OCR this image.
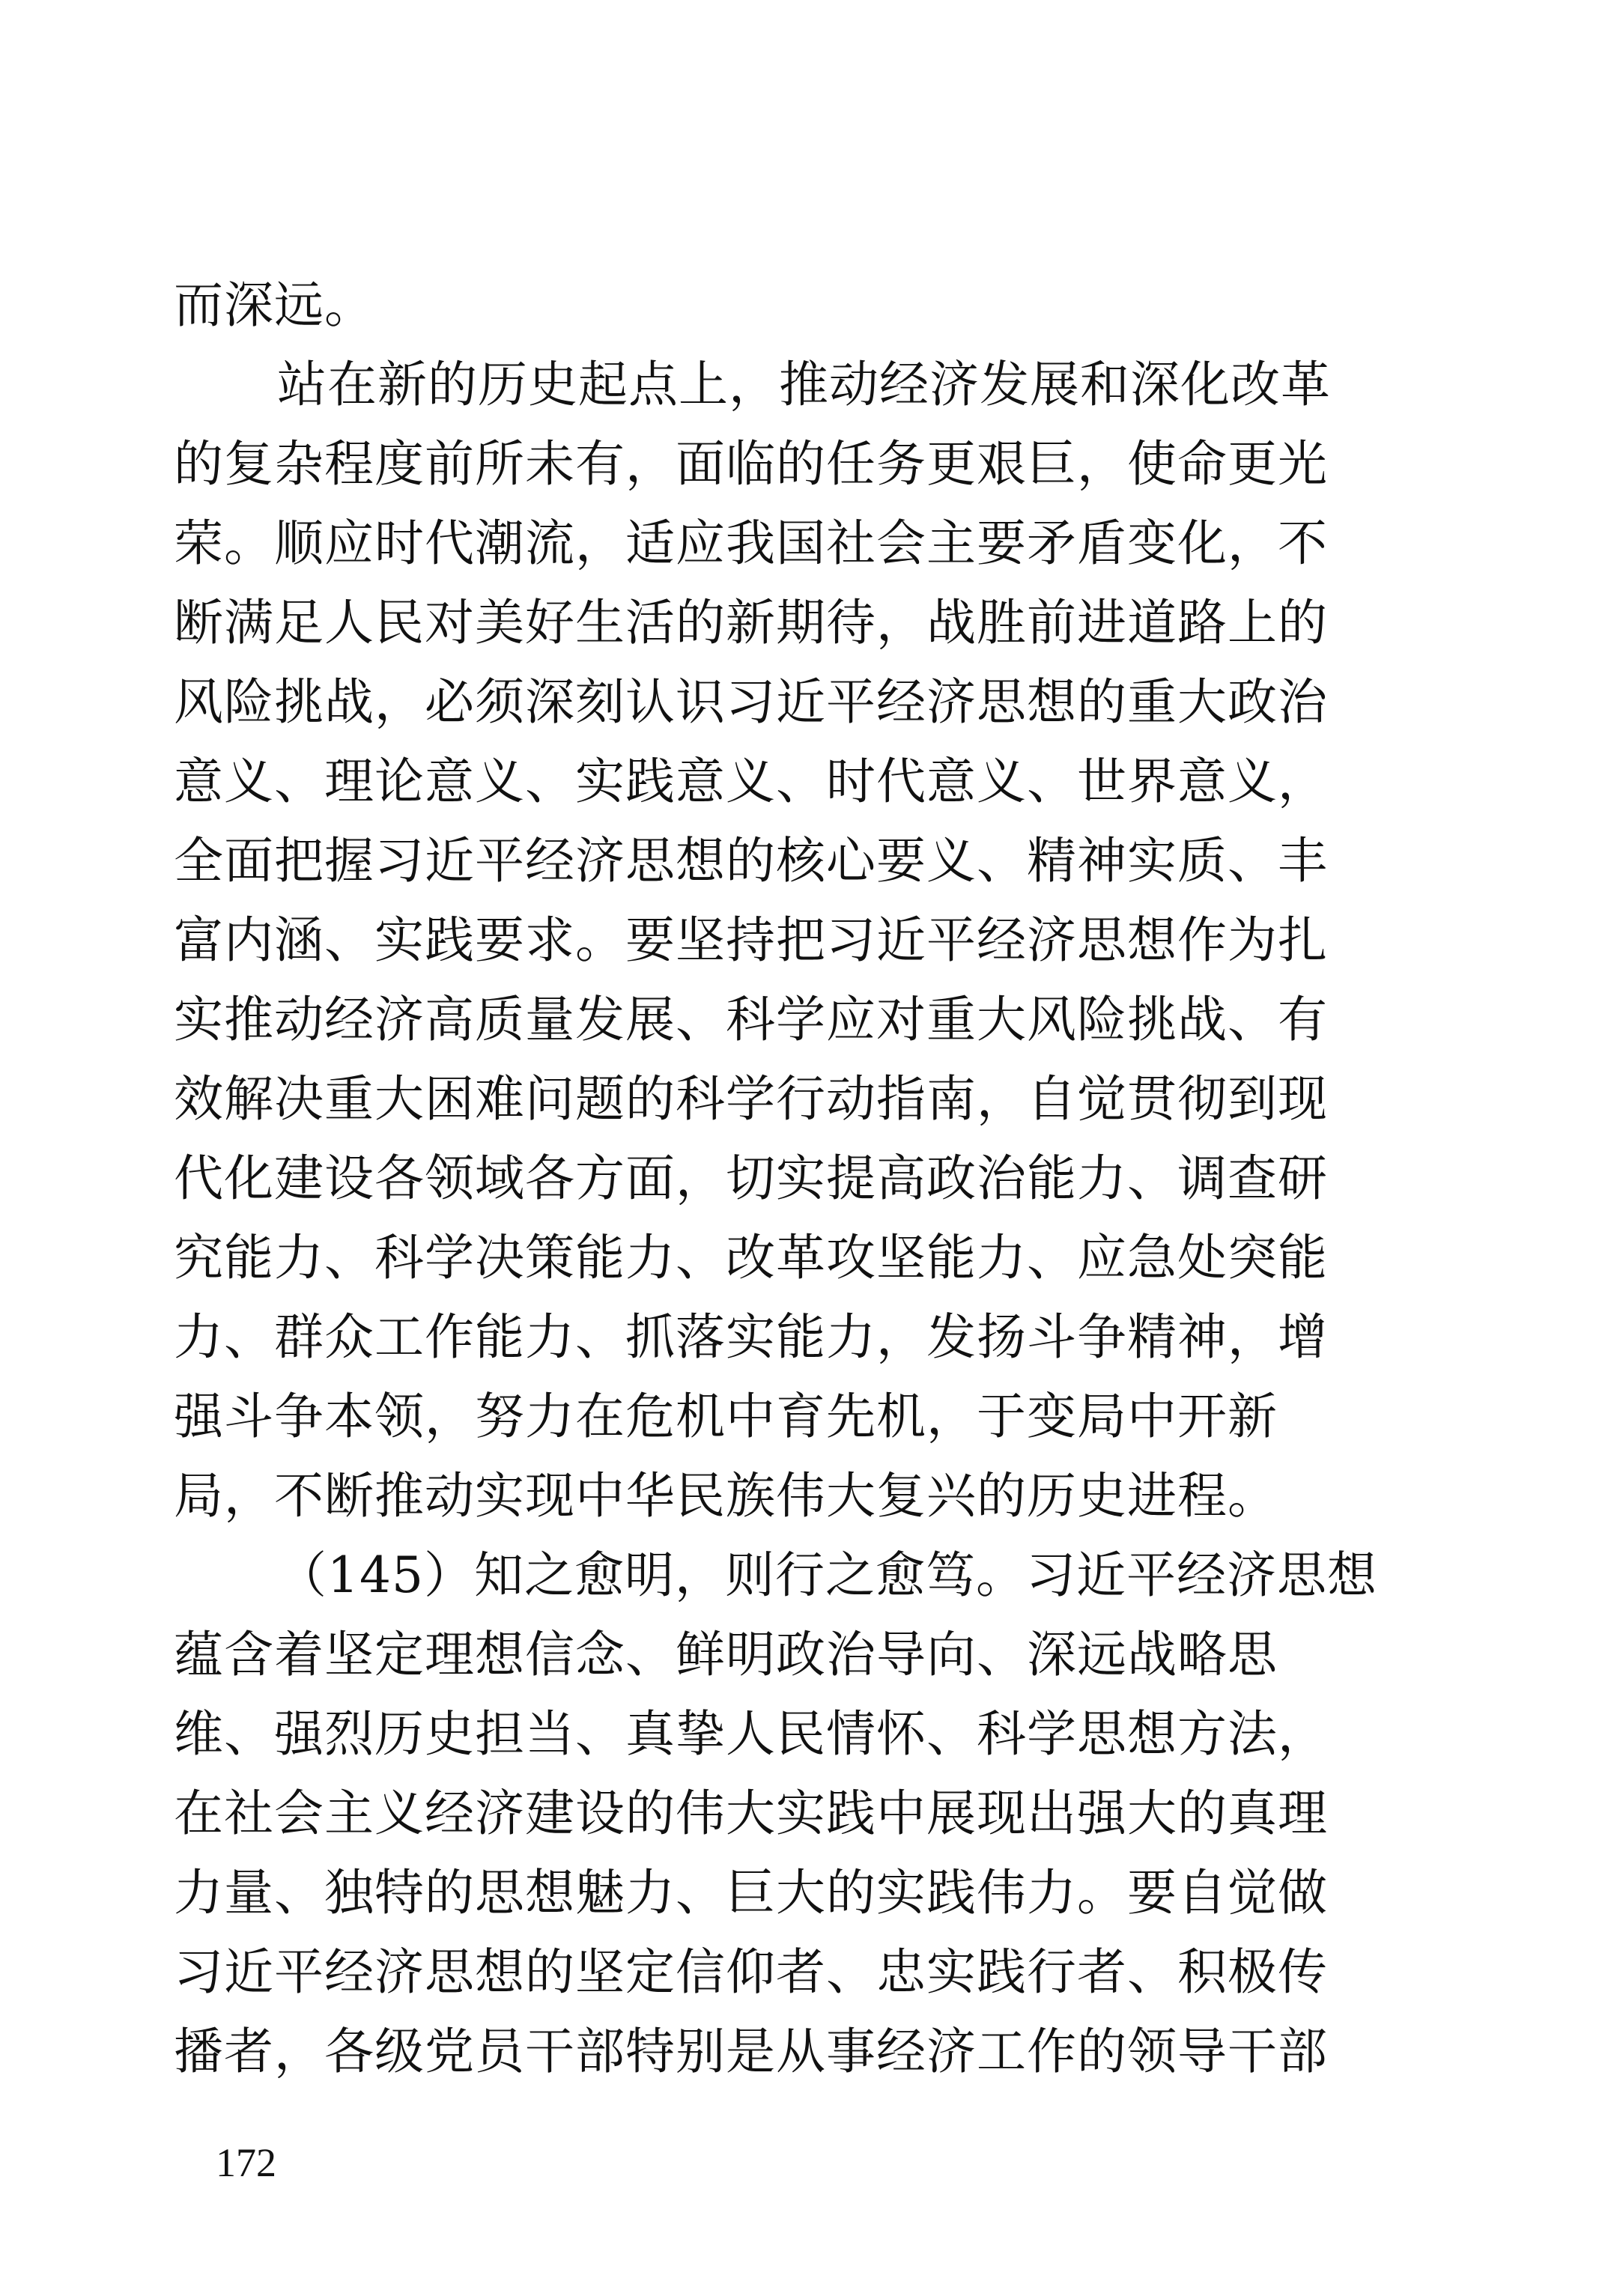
而深远。
站在新的历史起点上，推动经济发展和深化改革
的复杂程度前所未有，面临的任务更艰巨，使命更光
荣。顺应时代潮流，适应我国社会主要矛盾变化，不
断满足人民对美好生活的新期待，战胜前进道路上的
风险挑战，必须深刻认识习近平经济思想的重大政治
意义、理论意义、实践意义、时代意义、世界意义，
全面把握习近平经济思想的核心要义、精神实质、丰
富内涵、实践要求。要坚持把习近平经济思想作为扎
实推动经济高质量发展、科学应对重大风险挑战、有
效解决重大困难问题的科学行动指南，自觉贯彻到现
代化建设各领域各方面，切实提高政治能力、调查研
究能力、科学决策能力、改革攻坚能力、应急处突能
力、群众工作能力、抓落实能力，发扬斗争精神，增
强斗争本领，努力在危机中育先机，于变局中开新
局，不断推动实现中华民族伟大复兴的历史进程。
（145）知之愈明，则行之愈笃。习近平经济思想
蕴含着坚定理想信念、鲜明政治导向、深远战略思
维、强烈历史担当、真挚人民情怀、科学思想方法，
在社会主义经济建设的伟大实践中展现出强大的真理
力量、独特的思想魅力、巨大的实践伟力。要自觉做
习近平经济思想的坚定信仰者、忠实践行者、积极传
播者，各级党员干部特别是从事经济工作的领导干部
172
